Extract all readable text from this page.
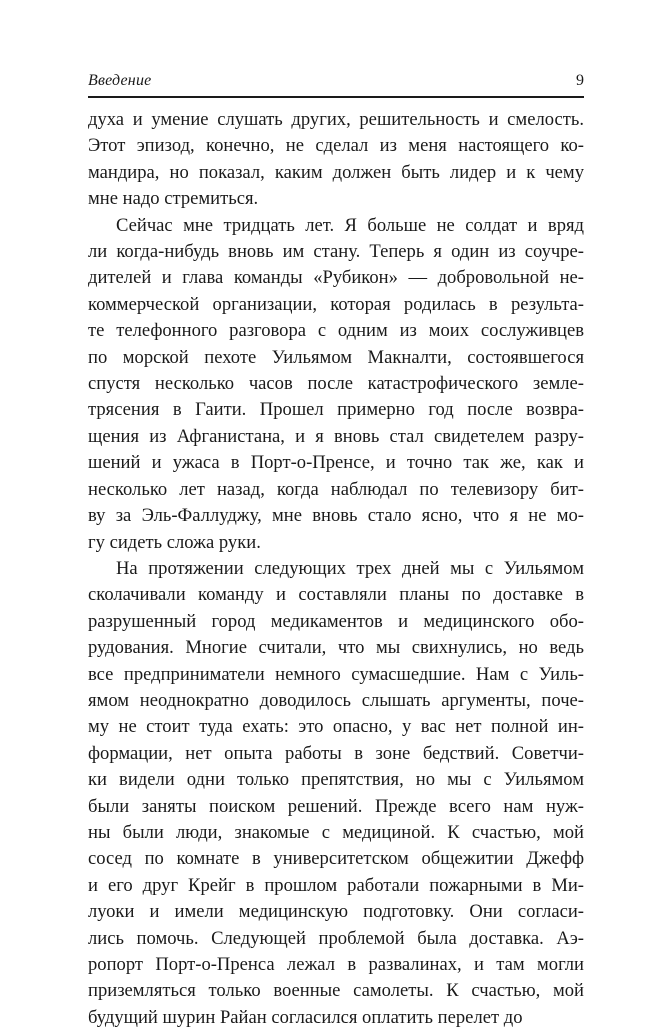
Введение	9
духа и умение слушать других, решительность и смелость.
Этот эпизод, конечно, не сделал из меня настоящего ко-
мандира, но показал, каким должен быть лидер и к чему
мне надо стремиться.
Сейчас мне тридцать лет. Я больше не солдат и вряд
ли когда-нибудь вновь им стану. Теперь я один из соучре-
дителей и глава команды «Рубикон» — добровольной не-
коммерческой организации, которая родилась в результа-
те телефонного разговора с одним из моих сослуживцев
по морской пехоте Уильямом Макналти, состоявшегося
спустя несколько часов после катастрофического земле-
трясения в Гаити. Прошел примерно год после возвра-
щения из Афганистана, и я вновь стал свидетелем разру-
шений и ужаса в Порт-о-Пренсе, и точно так же, как и
несколько лет назад, когда наблюдал по телевизору бит-
ву за Эль-Фаллуджу, мне вновь стало ясно, что я не мо-
гу сидеть сложа руки.
На протяжении следующих трех дней мы с Уильямом
сколачивали команду и составляли планы по доставке в
разрушенный город медикаментов и медицинского обо-
рудования. Многие считали, что мы свихнулись, но ведь
все предприниматели немного сумасшедшие. Нам с Уиль-
ямом неоднократно доводилось слышать аргументы, поче-
му не стоит туда ехать: это опасно, у вас нет полной ин-
формации, нет опыта работы в зоне бедствий. Советчи-
ки видели одни только препятствия, но мы с Уильямом
были заняты поиском решений. Прежде всего нам нуж-
ны были люди, знакомые с медициной. К счастью, мой
сосед по комнате в университетском общежитии Джефф
и его друг Крейг в прошлом работали пожарными в Ми-
луоки и имели медицинскую подготовку. Они согласи-
лись помочь. Следующей проблемой была доставка. Аэ-
ропорт Порт-о-Пренса лежал в развалинах, и там могли
приземляться только военные самолеты. К счастью, мой
будущий шурин Райан согласился оплатить перелет до
